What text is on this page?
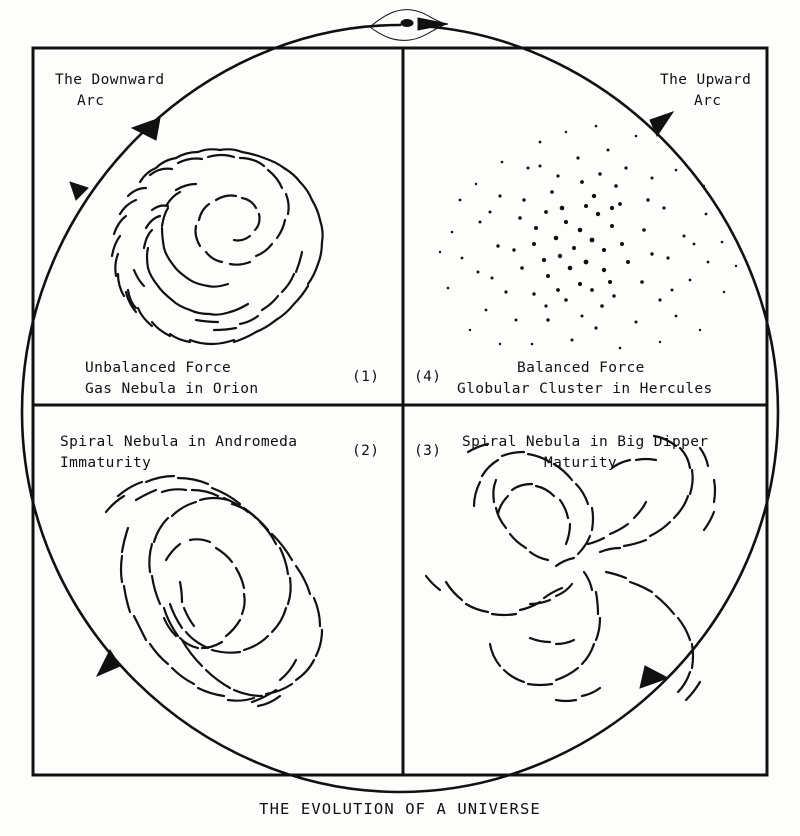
The Downward
Arc
The Upward
Arc
Unbalanced Force
Gas Nebula in Orion
(1)
Balanced Force
Globular Cluster in Hercules
(4)
Spiral Nebula in Andromeda
Immaturity
(2)
Spiral Nebula in Big Dipper
Maturity
(3)
THE EVOLUTION OF A UNIVERSE
